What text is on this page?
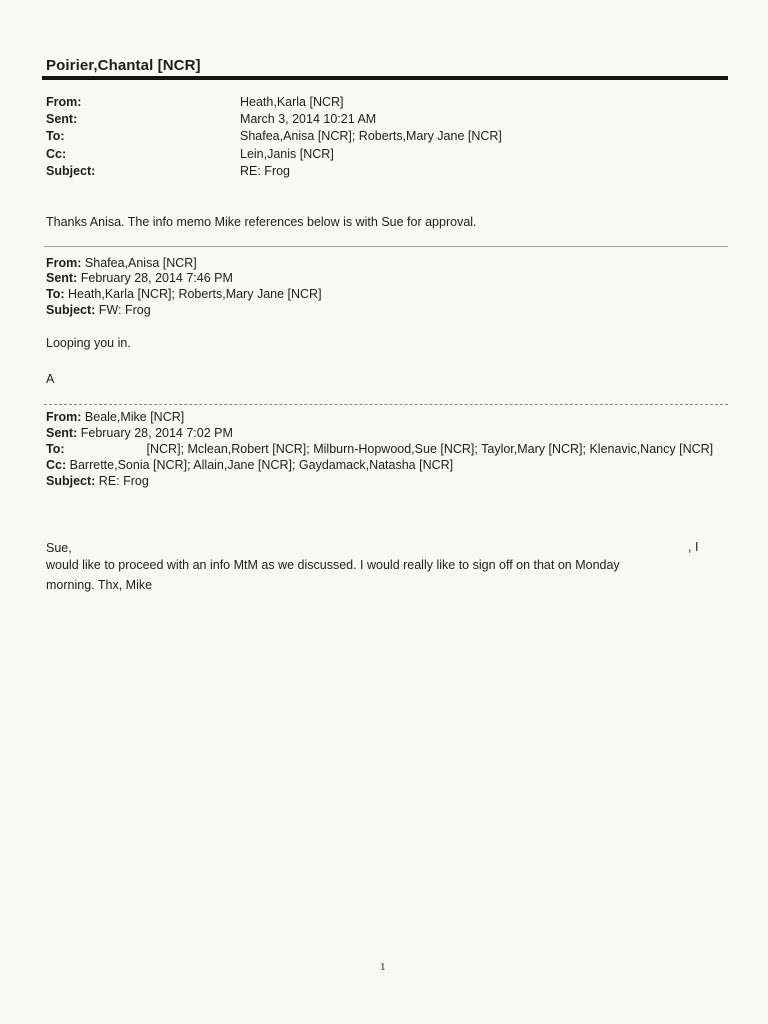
Poirier,Chantal [NCR]
From:	Heath,Karla [NCR]
Sent:	March 3, 2014 10:21 AM
To:	Shafea,Anisa [NCR]; Roberts,Mary Jane [NCR]
Cc:	Lein,Janis [NCR]
Subject:	RE: Frog
Thanks Anisa. The info memo Mike references below is with Sue for approval.
From: Shafea,Anisa [NCR]
Sent: February 28, 2014 7:46 PM
To: Heath,Karla [NCR]; Roberts,Mary Jane [NCR]
Subject: FW: Frog
Looping you in.
A
From: Beale,Mike [NCR]
Sent: February 28, 2014 7:02 PM
To:	[NCR]; Mclean,Robert [NCR]; Milburn-Hopwood,Sue [NCR]; Taylor,Mary [NCR]; Klenavic,Nancy [NCR]
Cc: Barrette,Sonia [NCR]; Allain,Jane [NCR]; Gaydamack,Natasha [NCR]
Subject: RE: Frog
Sue,	, I
would like to proceed with an info MtM as we discussed. I would really like to sign off on that on Monday
morning. Thx, Mike
1
